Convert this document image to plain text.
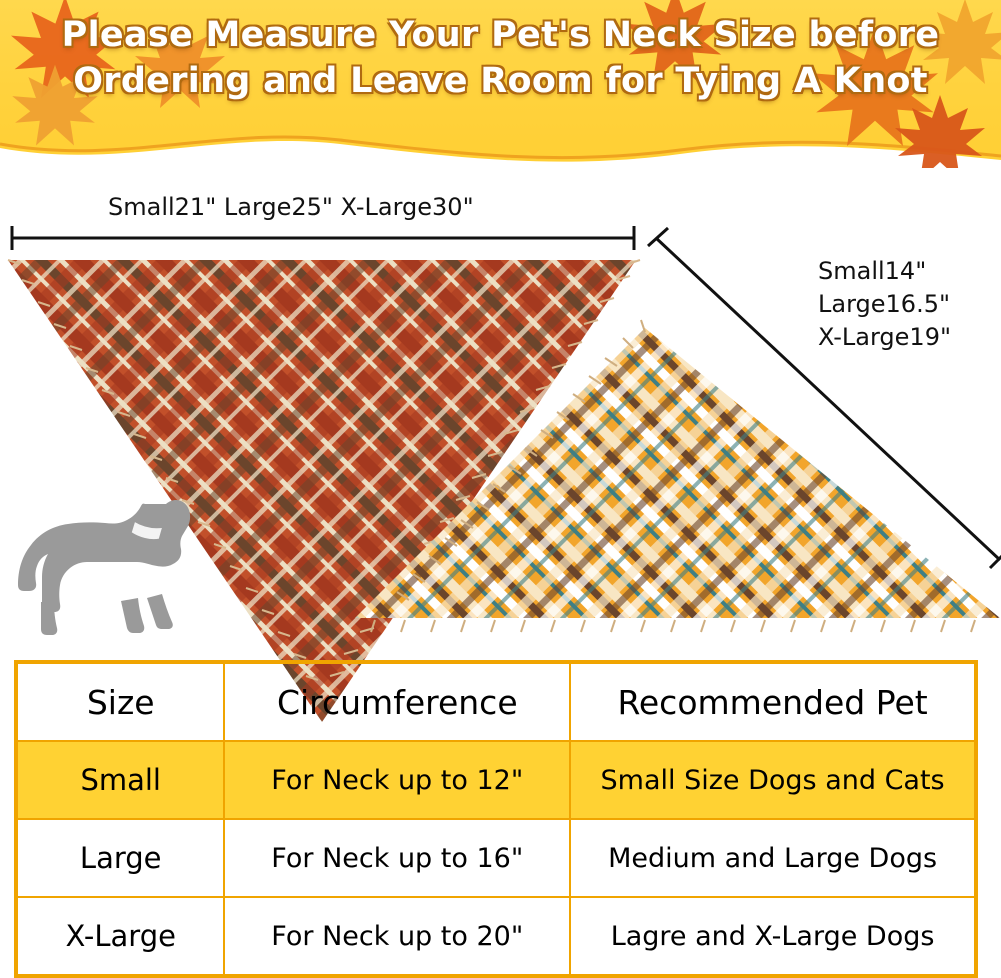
Please Measure Your Pet's Neck Size before
Ordering and Leave Room for Tying A Knot
Small21" Large25" X-Large30"
Small14"
Large16.5"
X-Large19"
Size	Circumference	Recommended Pet
Small	For Neck up to 12"	Small Size Dogs and Cats
Large	For Neck up to 16"	Medium and Large Dogs
X-Large	For Neck up to 20"	Lagre and X-Large Dogs
